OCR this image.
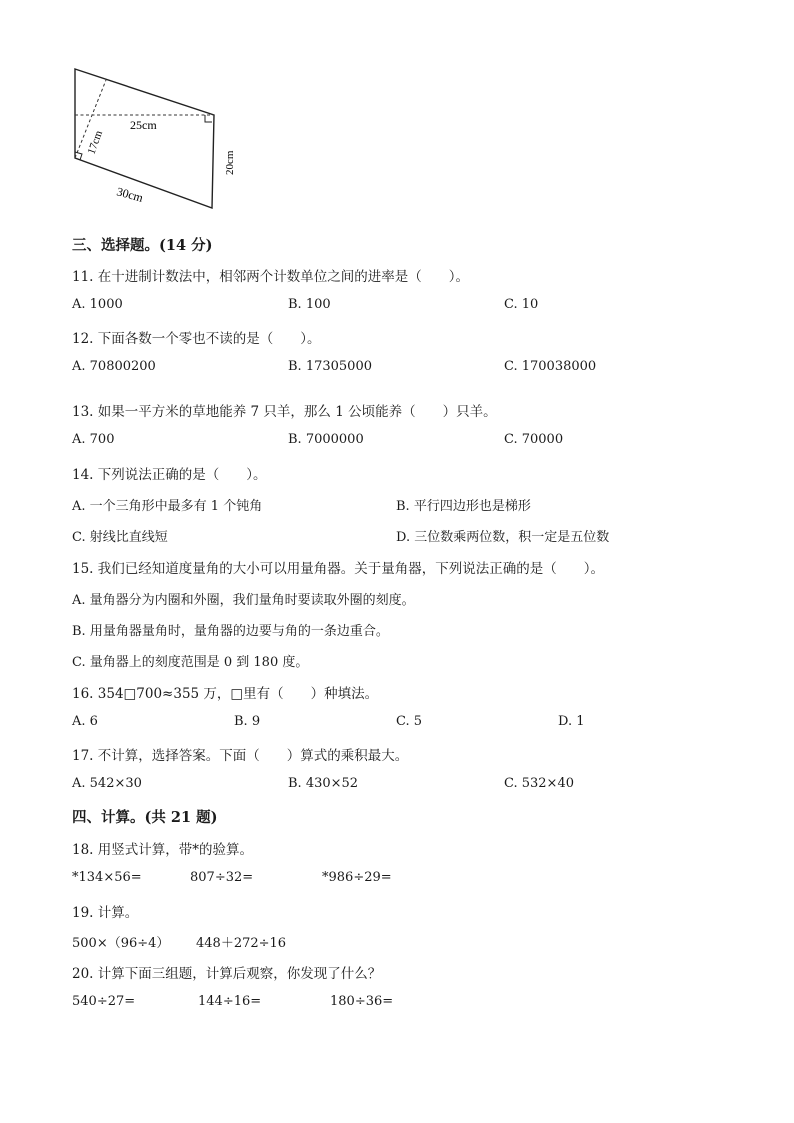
25cm
17cm
20cm
30cm
三、选择题。(14 分)
11. 在十进制计数法中，相邻两个计数单位之间的进率是（　　）。
A. 1000	B. 100	C. 10
12. 下面各数一个零也不读的是（　　）。
A. 70800200	B. 17305000	C. 170038000
13. 如果一平方米的草地能养 7 只羊，那么 1 公顷能养（　　）只羊。
A. 700	B. 7000000	C. 70000
14. 下列说法正确的是（　　）。
A. 一个三角形中最多有 1 个钝角	B. 平行四边形也是梯形
C. 射线比直线短	D. 三位数乘两位数，积一定是五位数
15. 我们已经知道度量角的大小可以用量角器。关于量角器，下列说法正确的是（　　）。
A. 量角器分为内圈和外圈，我们量角时要读取外圈的刻度。
B. 用量角器量角时，量角器的边要与角的一条边重合。
C. 量角器上的刻度范围是 0 到 180 度。
16. 354□700≈355 万，□里有（　　）种填法。
A. 6	B. 9	C. 5	D. 1
17. 不计算，选择答案。下面（　　）算式的乘积最大。
A. 542×30	B. 430×52	C. 532×40
四、计算。(共 21 题)
18. 用竖式计算，带*的验算。
*134×56=	807÷32=	*986÷29=
19. 计算。
500×（96÷4） 448＋272÷16
20. 计算下面三组题，计算后观察，你发现了什么？
540÷27=	144÷16=	180÷36=
